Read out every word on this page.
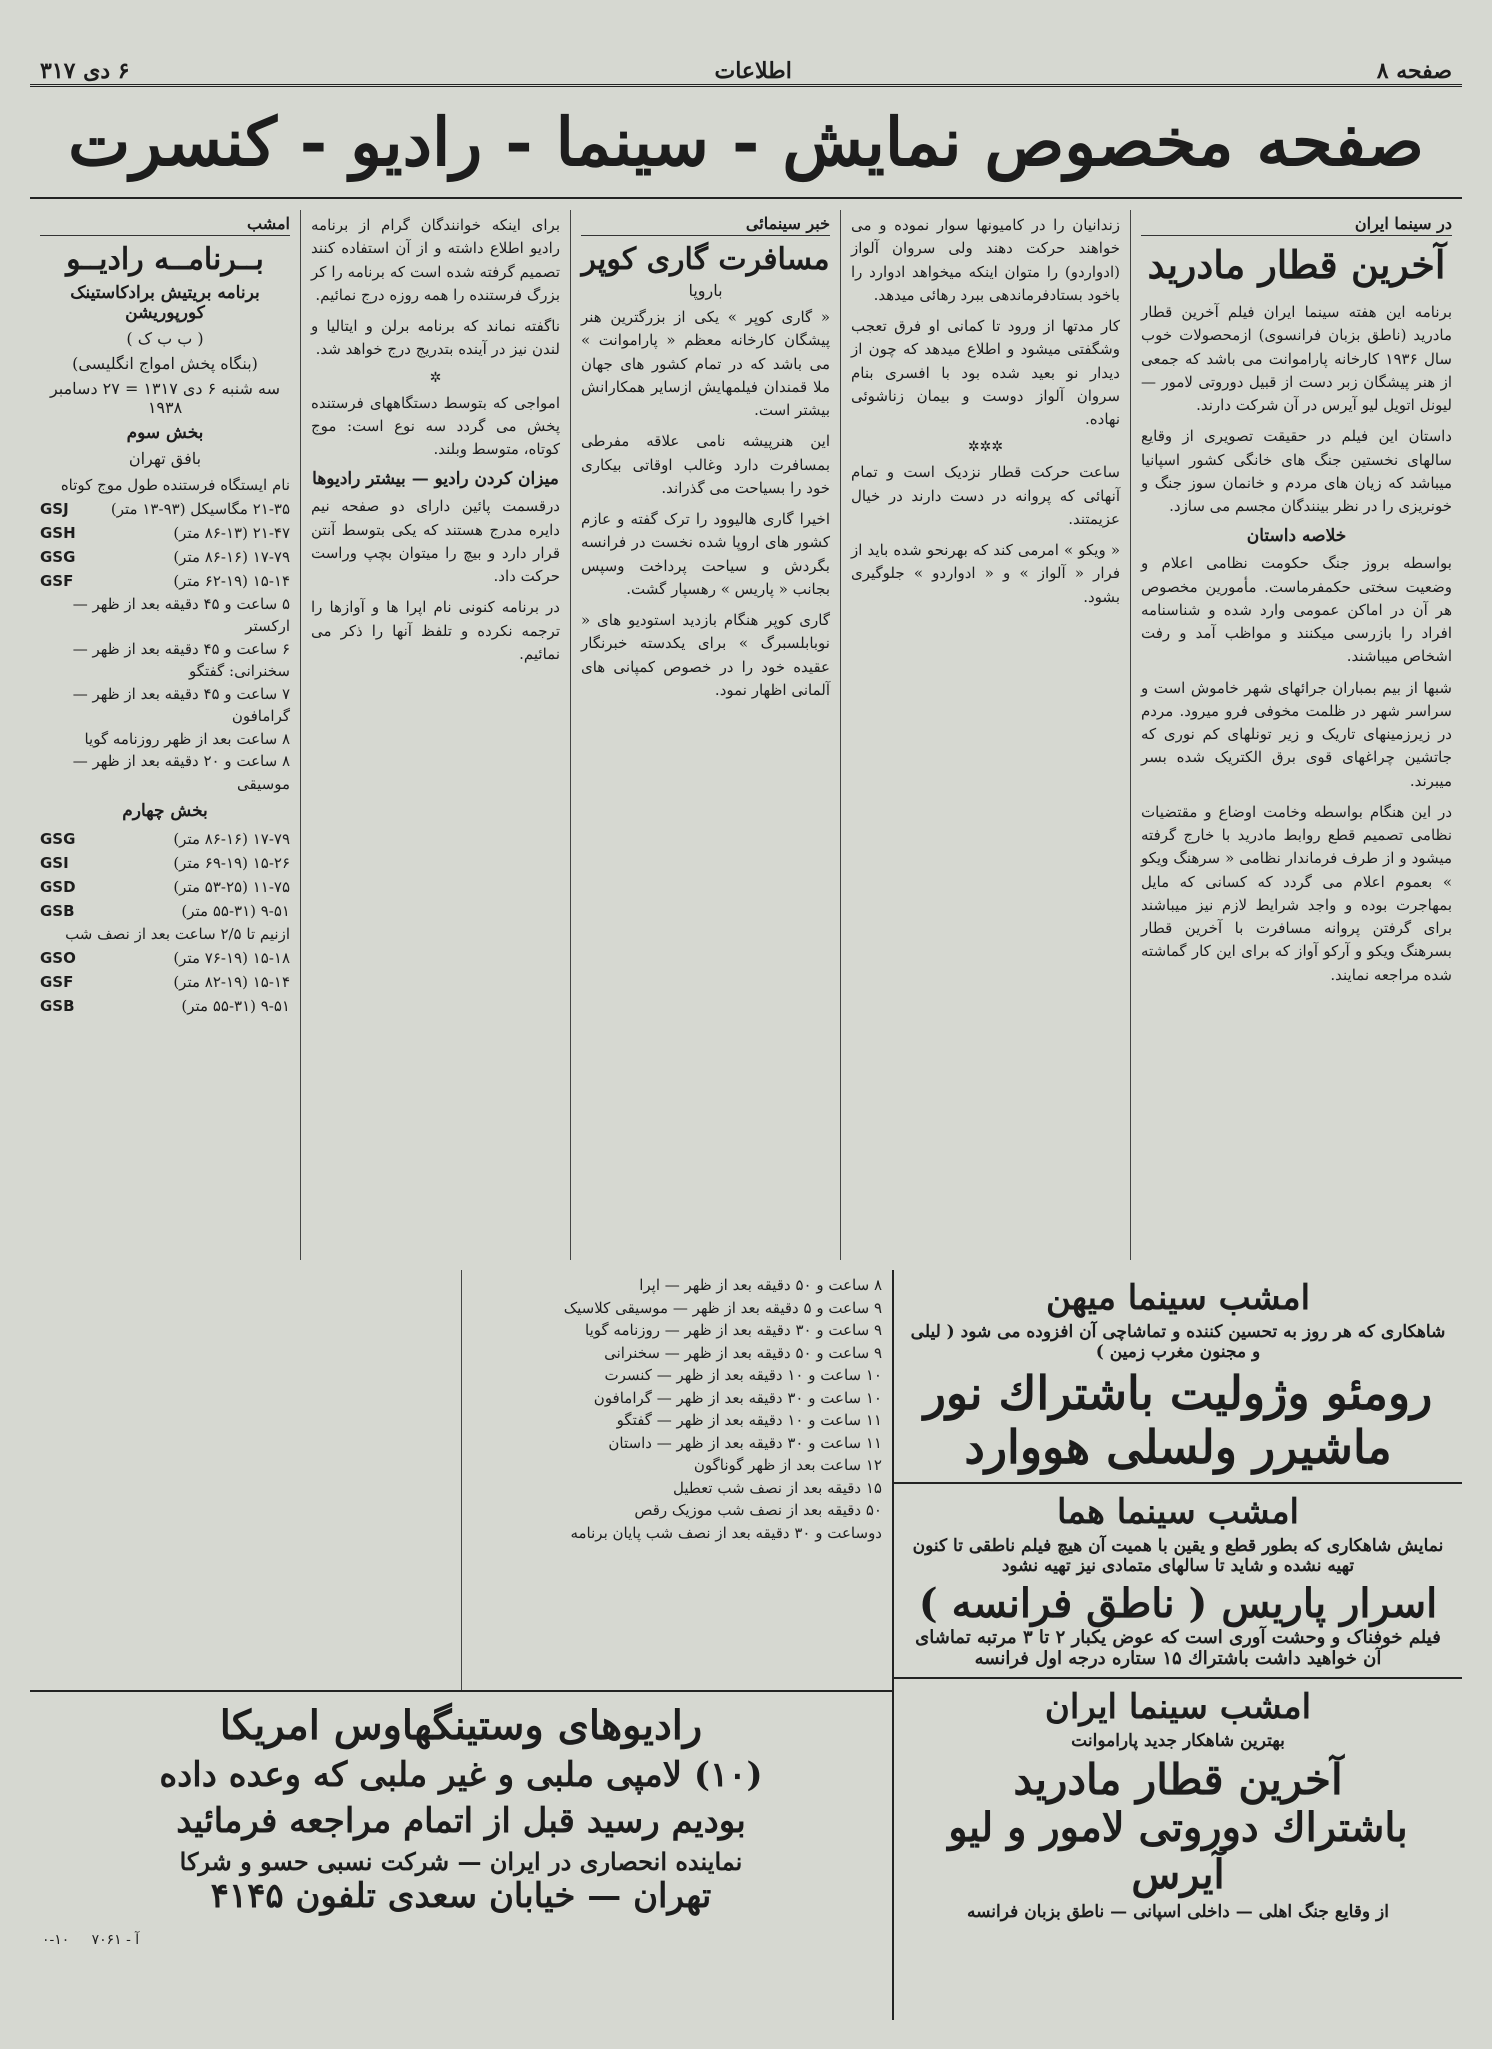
صفحه ۸
اطلاعات
۶ دی ۳۱۷
صفحه مخصوص نمایش - سینما - رادیو - کنسرت
در سینما ایران
آخرین قطار مادرید

برنامه این هفته سینما ایران فیلم آخرین قطار مادرید (ناطق بزبان فرانسوی) ازمحصولات خوب سال ۱۹۳۶ کارخانه پاراموانت می باشد که جمعی از هنر پیشگان زبر دست از قبیل دوروتی لامور — لیونل اتویل لیو آیرس در آن شرکت دارند.

داستان این فیلم در حقیقت تصویری از وقایع سالهای نخستین جنگ های خانگی کشور اسپانیا میباشد که زیان های مردم و خانمان سوز جنگ و خونریزی را در نظر بینندگان مجسم می سازد.

خلاصه داستان

بواسطه بروز جنگ حکومت نظامی اعلام و وضعیت سختی حکمفرماست. مأمورین مخصوص هر آن در اماکن عمومی وارد شده و شناسنامه افراد را بازرسی میکنند و مواظب آمد و رفت اشخاص میباشند.

شبها از بیم بمباران جرائهای شهر خاموش است و سراسر شهر در ظلمت مخوفی فرو میرود. مردم در زیرزمینهای تاریک و زیر تونلهای کم نوری که جاتشین چراغهای قوی برق الکتریک شده بسر میبرند.

در این هنگام بواسطه وخامت اوضاع و مقتضیات نظامی تصمیم قطع روابط مادرید با خارج گرفته میشود و از طرف فرماندار نظامی « سرهنگ ویکو » بعموم اعلام می گردد که کسانی که مایل بمهاجرت بوده و واجد شرایط لازم نیز میباشند برای گرفتن پروانه مسافرت با آخرین قطار بسرهنگ ویکو و آرکو آواز که برای این کار گماشته شده مراجعه نمایند.

زندانیان را در کامیونها سوار نموده و می خواهند حرکت دهند ولی سروان آلواز (ادواردو) را متوان اینکه میخواهد ادوارد را باخود بستادفرماندهی ببرد رهائی میدهد.

کار مدتها از ورود تا کمانی او فرق تعجب وشگفتی میشود و اطلاع میدهد که چون از دیدار نو بعید شده بود با افسری بنام سروان آلواز دوست و بیمان زناشوئی نهاده.

✲✲✲

ساعت حرکت قطار نزدیک است و تمام آنهائی که پروانه در دست دارند در خیال عزیمتند.

« ویکو » امرمی کند که بهرنحو شده باید از فرار « آلواز » و « ادواردو » جلوگیری بشود.

خبر سینمائی
مسافرت گاری کوپر
باروپا

« گاری کوپر » یکی از بزرگترین هنر پیشگان کارخانه معظم « پاراموانت » می باشد که در تمام کشور های جهان ملا قمندان فیلمهایش ازسایر همکارانش بیشتر است.

این هنرپیشه نامی علاقه مفرطی بمسافرت دارد وغالب اوقاتی بیکاری خود را بسیاحت می گذراند.

اخیرا گاری هالیوود را ترک گفته و عازم کشور های اروپا شده نخست در فرانسه بگردش و سیاحت پرداخت وسپس بجانب « پاریس » رهسپار گشت.

گاری کوپر هنگام بازدید استودیو های « نوبابلسبرگ » برای یکدسته خبرنگار عقیده خود را در خصوص کمپانی های آلمانی اظهار نمود.

برای اینکه خوانندگان گرام از برنامه رادیو اطلاع داشته و از آن استفاده کنند تصمیم گرفته شده است که برنامه را کر بزرگ فرستنده را همه روزه درج نمائیم.

ناگفته نماند که برنامه برلن و ایتالیا و لندن نیز در آینده بتدریج درج خواهد شد.

✲

امواجی که بتوسط دستگاههای فرستنده پخش می گردد سه نوع است: موج کوتاه، متوسط وبلند.

میزان کردن رادیو — بیشتر رادیوها

درقسمت پائین دارای دو صفحه نیم دایره مدرج هستند که یکی بتوسط آنتن قرار دارد و بیچ را میتوان بچپ وراست حرکت داد.

در برنامه کنونی نام اپرا ها و آوازها را ترجمه نکرده و تلفظ آنها را ذکر می نمائیم.

امشب
بــرنامــه رادیــو
برنامه بریتیش برادکاستینک کورپوریشن
( ب ب ک )
(بنگاه پخش امواج انگلیسی)
سه شنبه ۶ دی ۱۳۱۷ = ۲۷ دسامبر ۱۹۳۸
بخش سوم
بافق تهران
نام ایستگاه فرستنده طول موج کوتاه
۲۱-۳۵ مگاسیکل (۹۳-۱۳ متر)
GSJ
۲۱-۴۷ (۸۶-۱۳ متر)
GSH
۱۷-۷۹ (۸۶-۱۶ متر)
GSG
۱۵-۱۴ (۶۲-۱۹ متر)
GSF

۵ ساعت و ۴۵ دقیقه بعد از ظهر — ارکستر

۶ ساعت و ۴۵ دقیقه بعد از ظهر — سخنرانی: گفتگو

۷ ساعت و ۴۵ دقیقه بعد از ظهر — گرامافون

۸ ساعت بعد از ظهر روزنامه گویا

۸ ساعت و ۲۰ دقیقه بعد از ظهر — موسیقی

بخش چهارم
۱۷-۷۹ (۸۶-۱۶ متر)
GSG
۱۵-۲۶ (۶۹-۱۹ متر)
GSI
۱۱-۷۵ (۵۳-۲۵ متر)
GSD
۹-۵۱ (۵۵-۳۱ متر)
GSB
ازنیم تا ۲/۵ ساعت بعد از نصف شب
۱۵-۱۸ (۷۶-۱۹ متر)
GSO
۱۵-۱۴ (۸۲-۱۹ متر)
GSF
۹-۵۱ (۵۵-۳۱ متر)
GSB
امشب سینما میهن
شاهکاری که هر روز به تحسین کننده و تماشاچی آن افزوده می شود ( لیلی و مجنون مغرب زمین )
رومئو وژولیت باشتراك نور ماشیرر ولسلی هووارد
امشب سینما هما
نمایش شاهکاری که بطور قطع و یقین با همیت آن هیچ فیلم ناطقی تا کنون تهیه نشده و شاید تا سالهای متمادی نیز تهیه نشود
اسرار پاریس ( ناطق فرانسه )
فیلم خوفناک و وحشت آوری است که عوض یکبار ۲ تا ۳ مرتبه تماشای آن خواهید داشت باشتراك ۱۵ ستاره درجه اول فرانسه
امشب سینما ایران
بهترین شاهکار جدید پاراموانت
آخرین قطار مادرید
باشتراك دوروتی لامور و لیو آیرس
از وقایع جنگ اهلی — داخلی اسپانی — ناطق بزبان فرانسه

۸ ساعت و ۵۰ دقیقه بعد از ظهر — اپرا

۹ ساعت و ۵ دقیقه بعد از ظهر — موسیقی کلاسیک

۹ ساعت و ۳۰ دقیقه بعد از ظهر — روزنامه گویا

۹ ساعت و ۵۰ دقیقه بعد از ظهر — سخنرانی

۱۰ ساعت و ۱۰ دقیقه بعد از ظهر — کنسرت

۱۰ ساعت و ۳۰ دقیقه بعد از ظهر — گرامافون

۱۱ ساعت و ۱۰ دقیقه بعد از ظهر — گفتگو

۱۱ ساعت و ۳۰ دقیقه بعد از ظهر — داستان

۱۲ ساعت بعد از ظهر گوناگون

۱۵ دقیقه بعد از نصف شب تعطیل

۵۰ دقیقه بعد از نصف شب موزیک رقص

دوساعت و ۳۰ دقیقه بعد از نصف شب پایان برنامه

رادیوهای وستینگهاوس امریکا
(۱۰) لامپی ملبی و غیر ملبی که وعده داده
بودیم رسید قبل از اتمام مراجعه فرمائید
نماینده انحصاری در ایران — شرکت نسبی حسو و شرکا
تهران — خیابان سعدی تلفون ۴۱۴۵
۰-۱۰ آ - ۷۰۶۱
